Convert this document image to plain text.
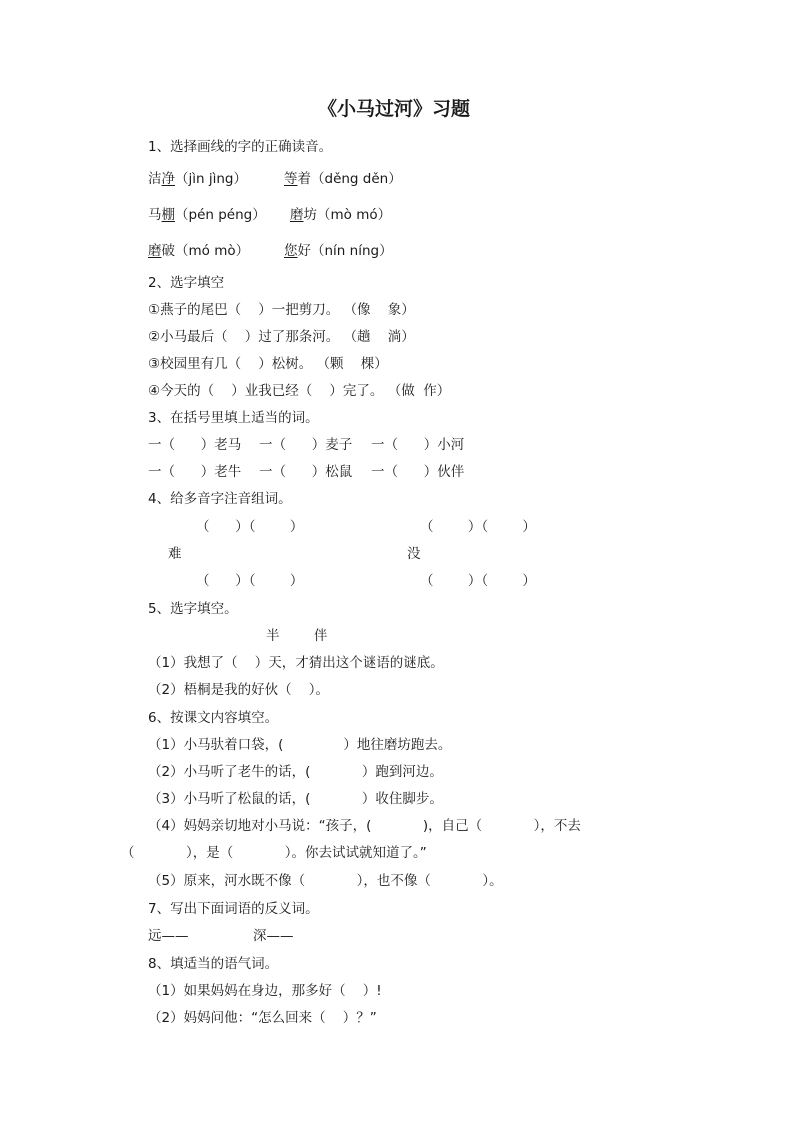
《小马过河》习题
1、选择画线的字的正确读音。
洁净（jìn jìng）	等着（děng děn）
马棚（pén péng） 磨坊（mò mó）
磨破（mó mò）	您好（nín níng）
2、选字填空
①燕子的尾巴（    ）一把剪刀。 （像    象）
②小马最后（    ）过了那条河。 （趟    淌）
③校园里有几（    ）松树。 （颗    棵）
④今天的（    ）业我已经（    ）完了。 （做  作）
3、在括号里填上适当的词。
一（      ）老马 一（      ）麦子 一（      ）小河
一（      ）老牛 一（      ）松鼠 一（      ）伙伴
4、给多音字注音组词。
（      ）（        ）	（        ）（        ）
难	没
（      ）（        ）	（        ）（        ）
5、选字填空。
半        伴
（1）我想了（    ）天，才猜出这个谜语的谜底。
（2）梧桐是我的好伙（    ）。
6、按课文内容填空。
（1）小马驮着口袋，(              ）地往磨坊跑去。
（2）小马听了老牛的话，(            ）跑到河边。
（3）小马听了松鼠的话，(            ）收住脚步。
（4）妈妈亲切地对小马说：“孩子，(            )，自己（            ），不去
（            ），是（            ）。你去试试就知道了。”
（5）原来，河水既不像（            ），也不像（            ）。
7、写出下面词语的反义词。
远——	深——
8、填适当的语气词。
（1）如果妈妈在身边，那多好（    ）!
（2）妈妈问他：“怎么回来（    ）？”
